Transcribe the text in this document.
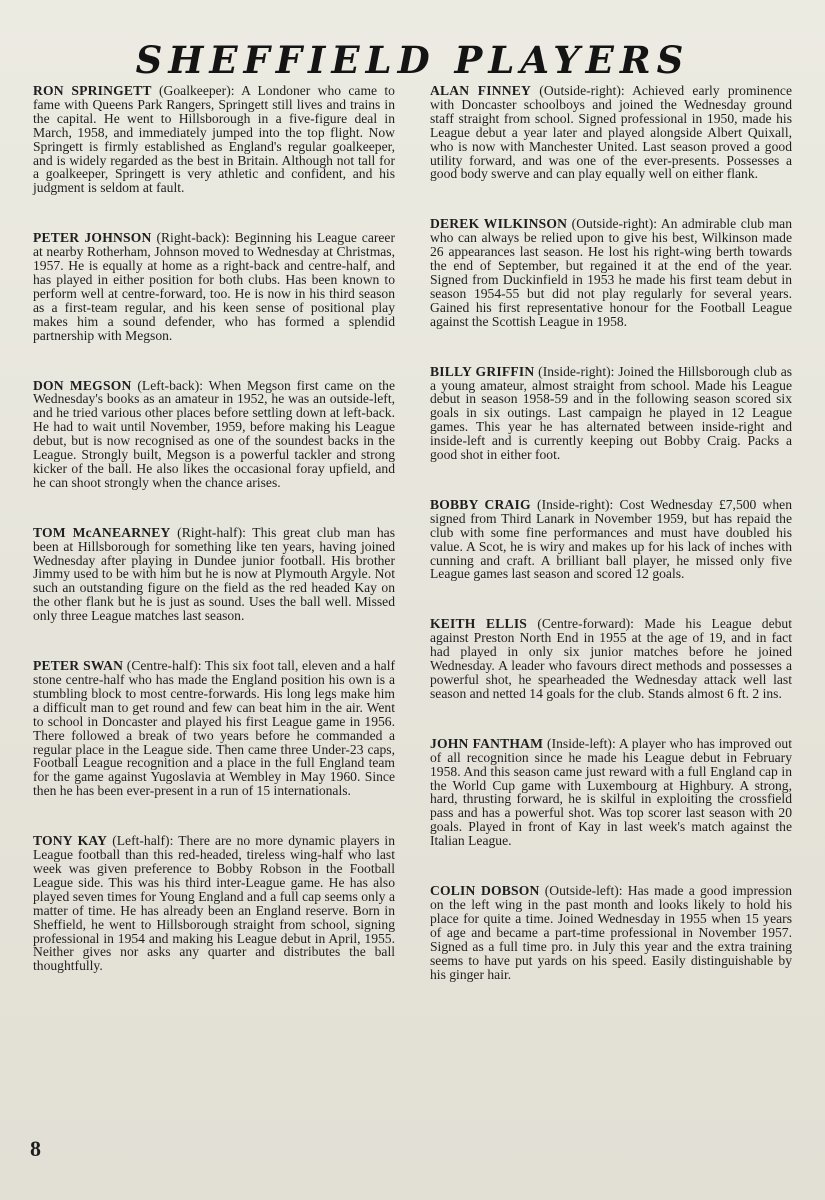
SHEFFIELD PLAYERS

RON SPRINGETT (Goalkeeper): A Londoner who came to fame with Queens Park Rangers, Springett still lives and trains in the capital. He went to Hillsborough in a five-figure deal in March, 1958, and immediately jumped into the top flight. Now Springett is firmly established as England's regular goalkeeper, and is widely regarded as the best in Britain. Although not tall for a goalkeeper, Springett is very athletic and confident, and his judgment is seldom at fault.

PETER JOHNSON (Right-back): Beginning his League career at nearby Rotherham, Johnson moved to Wednesday at Christmas, 1957. He is equally at home as a right-back and centre-half, and has played in either position for both clubs. Has been known to perform well at centre-forward, too. He is now in his third season as a first-team regular, and his keen sense of positional play makes him a sound defender, who has formed a splendid partnership with Megson.

DON MEGSON (Left-back): When Megson first came on the Wednesday's books as an amateur in 1952, he was an outside-left, and he tried various other places before settling down at left-back. He had to wait until November, 1959, before making his League debut, but is now recognised as one of the soundest backs in the League. Strongly built, Megson is a powerful tackler and strong kicker of the ball. He also likes the occasional foray upfield, and he can shoot strongly when the chance arises.

TOM McANEARNEY (Right-half): This great club man has been at Hillsborough for something like ten years, having joined Wednesday after playing in Dundee junior football. His brother Jimmy used to be with him but he is now at Plymouth Argyle. Not such an outstanding figure on the field as the red headed Kay on the other flank but he is just as sound. Uses the ball well. Missed only three League matches last season.

PETER SWAN (Centre-half): This six foot tall, eleven and a half stone centre-half who has made the England position his own is a stumbling block to most centre-forwards. His long legs make him a difficult man to get round and few can beat him in the air. Went to school in Doncaster and played his first League game in 1956. There followed a break of two years before he commanded a regular place in the League side. Then came three Under-23 caps, Football League recognition and a place in the full England team for the game against Yugoslavia at Wembley in May 1960. Since then he has been ever-present in a run of 15 internationals.

TONY KAY (Left-half): There are no more dynamic players in League football than this red-headed, tireless wing-half who last week was given preference to Bobby Robson in the Football League side. This was his third inter-League game. He has also played seven times for Young England and a full cap seems only a matter of time. He has already been an England reserve. Born in Sheffield, he went to Hillsborough straight from school, signing professional in 1954 and making his League debut in April, 1955. Neither gives nor asks any quarter and distributes the ball thoughtfully.

ALAN FINNEY (Outside-right): Achieved early prominence with Doncaster schoolboys and joined the Wednesday ground staff straight from school. Signed professional in 1950, made his League debut a year later and played alongside Albert Quixall, who is now with Manchester United. Last season proved a good utility forward, and was one of the ever-presents. Possesses a good body swerve and can play equally well on either flank.

DEREK WILKINSON (Outside-right): An admirable club man who can always be relied upon to give his best, Wilkinson made 26 appearances last season. He lost his right-wing berth towards the end of September, but regained it at the end of the year. Signed from Duckinfield in 1953 he made his first team debut in season 1954-55 but did not play regularly for several years. Gained his first representative honour for the Football League against the Scottish League in 1958.

BILLY GRIFFIN (Inside-right): Joined the Hillsborough club as a young amateur, almost straight from school. Made his League debut in season 1958-59 and in the following season scored six goals in six outings. Last campaign he played in 12 League games. This year he has alternated between inside-right and inside-left and is currently keeping out Bobby Craig. Packs a good shot in either foot.

BOBBY CRAIG (Inside-right): Cost Wednesday £7,500 when signed from Third Lanark in November 1959, but has repaid the club with some fine performances and must have doubled his value. A Scot, he is wiry and makes up for his lack of inches with cunning and craft. A brilliant ball player, he missed only five League games last season and scored 12 goals.

KEITH ELLIS (Centre-forward): Made his League debut against Preston North End in 1955 at the age of 19, and in fact had played in only six junior matches before he joined Wednesday. A leader who favours direct methods and possesses a powerful shot, he spearheaded the Wednesday attack well last season and netted 14 goals for the club. Stands almost 6 ft. 2 ins.

JOHN FANTHAM (Inside-left): A player who has improved out of all recognition since he made his League debut in February 1958. And this season came just reward with a full England cap in the World Cup game with Luxembourg at Highbury. A strong, hard, thrusting forward, he is skilful in exploiting the crossfield pass and has a powerful shot. Was top scorer last season with 20 goals. Played in front of Kay in last week's match against the Italian League.

COLIN DOBSON (Outside-left): Has made a good impression on the left wing in the past month and looks likely to hold his place for quite a time. Joined Wednesday in 1955 when 15 years of age and became a part-time professional in November 1957. Signed as a full time pro. in July this year and the extra training seems to have put yards on his speed. Easily distinguishable by his ginger hair.

8
